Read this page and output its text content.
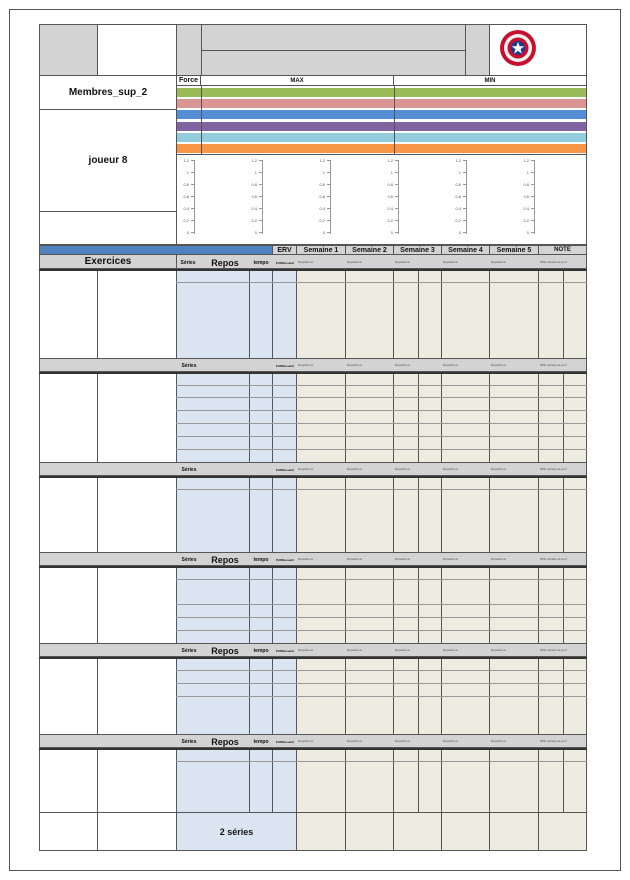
Membres_sup_2
joueur 8
Force	MAX	MIN
1.2
1
0.8
0.6
0.4
0.2
0
1.2
1
0.8
0.6
0.4
0.2
0
1.2
1
0.8
0.6
0.4
0.2
0
1.2
1
0.8
0.6
0.4
0.2
0
1.2
1
0.8
0.6
0.4
0.2
0
1.2
1
0.8
0.6
0.4
0.2
0
ERV	Semaine 1	Semaine 2	Semaine 3	Semaine 4	Semaine 5	NOTE
Exercices
Séries	Pdf/Ressenti	Répétitions	Répétitions	Répétitions	Répétitions	Répétitions	RPE échelle de perf
Séries	Pdf/Ressenti	Répétitions	Répétitions	Répétitions	Répétitions	Répétitions	RPE échelle de perf
Séries	Repos	tempo	Pdf/Ressenti	Répétitions	Répétitions	Répétitions	Répétitions	Répétitions	RPE échelle de perf
Séries	Repos	tempo	Pdf/Ressenti	Répétitions	Répétitions	Répétitions	Répétitions	Répétitions	RPE échelle de perf
Séries	Repos	tempo	Pdf/Ressenti	Répétitions	Répétitions	Répétitions	Répétitions	Répétitions	RPE échelle de perf
Séries	Repos	tempo	Pdf/Ressenti	Répétitions	Répétitions	Répétitions	Répétitions	Répétitions	RPE échelle de perf
2 séries
